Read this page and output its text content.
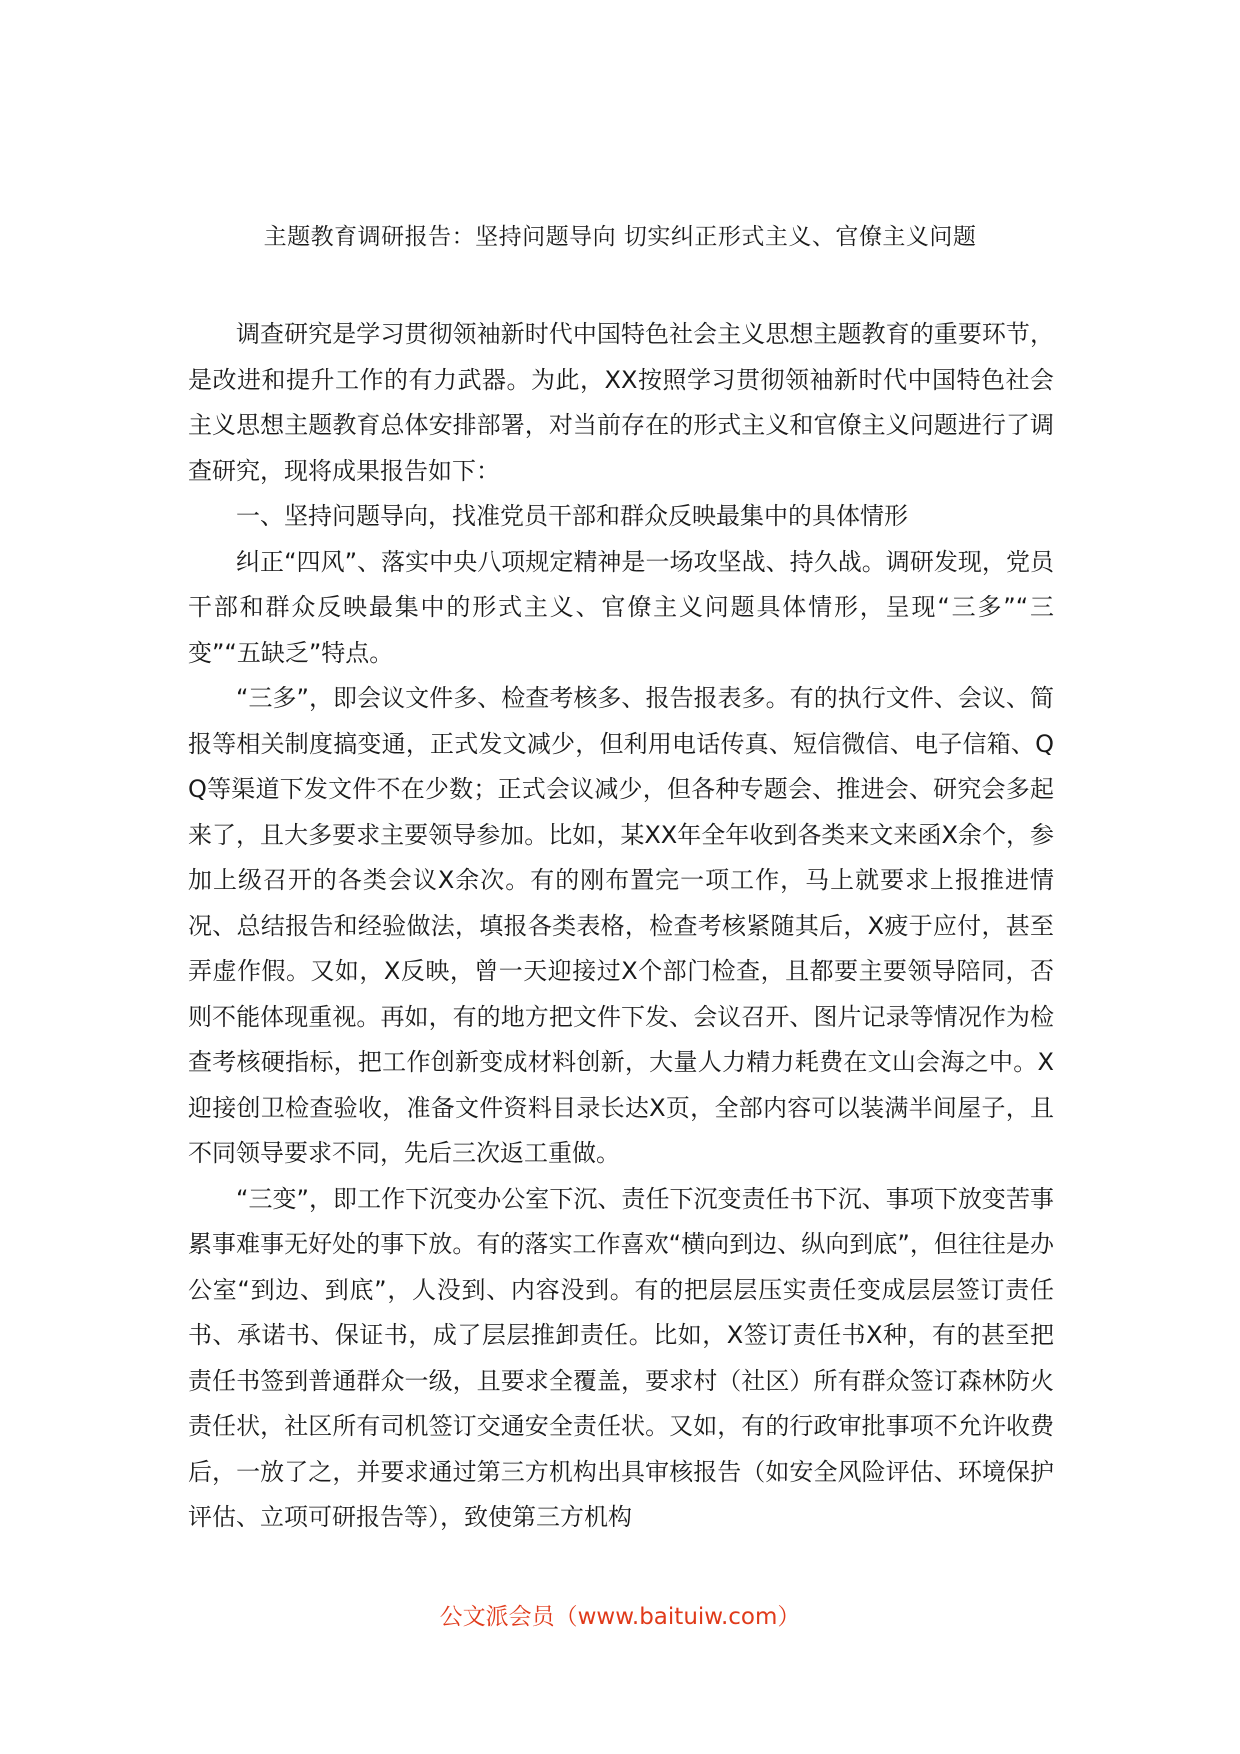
主题教育调研报告：坚持问题导向 切实纠正形式主义、官僚主义问题

调查研究是学习贯彻领袖新时代中国特色社会主义思想主题教育的重要环节，是改进和提升工作的有力武器。为此，XX按照学习贯彻领袖新时代中国特色社会主义思想主题教育总体安排部署，对当前存在的形式主义和官僚主义问题进行了调查研究，现将成果报告如下：

一、坚持问题导向，找准党员干部和群众反映最集中的具体情形

纠正“四风”、落实中央八项规定精神是一场攻坚战、持久战。调研发现，党员干部和群众反映最集中的形式主义、官僚主义问题具体情形，呈现“三多”“三变”“五缺乏”特点。

“三多”，即会议文件多、检查考核多、报告报表多。有的执行文件、会议、简报等相关制度搞变通，正式发文减少，但利用电话传真、短信微信、电子信箱、QQ等渠道下发文件不在少数；正式会议减少，但各种专题会、推进会、研究会多起来了，且大多要求主要领导参加。比如，某XX年全年收到各类来文来函X余个，参加上级召开的各类会议X余次。有的刚布置完一项工作，马上就要求上报推进情况、总结报告和经验做法，填报各类表格，检查考核紧随其后，X疲于应付，甚至弄虚作假。又如，X反映，曾一天迎接过X个部门检查，且都要主要领导陪同，否则不能体现重视。再如，有的地方把文件下发、会议召开、图片记录等情况作为检查考核硬指标，把工作创新变成材料创新，大量人力精力耗费在文山会海之中。X迎接创卫检查验收，准备文件资料目录长达X页，全部内容可以装满半间屋子，且不同领导要求不同，先后三次返工重做。

“三变”，即工作下沉变办公室下沉、责任下沉变责任书下沉、事项下放变苦事累事难事无好处的事下放。有的落实工作喜欢“横向到边、纵向到底”，但往往是办公室“到边、到底”，人没到、内容没到。有的把层层压实责任变成层层签订责任书、承诺书、保证书，成了层层推卸责任。比如，X签订责任书X种，有的甚至把责任书签到普通群众一级，且要求全覆盖，要求村（社区）所有群众签订森林防火责任状，社区所有司机签订交通安全责任状。又如，有的行政审批事项不允许收费后，一放了之，并要求通过第三方机构出具审核报告（如安全风险评估、环境保护评估、立项可研报告等），致使第三方机构

公文派会员（www.baituiw.com）
